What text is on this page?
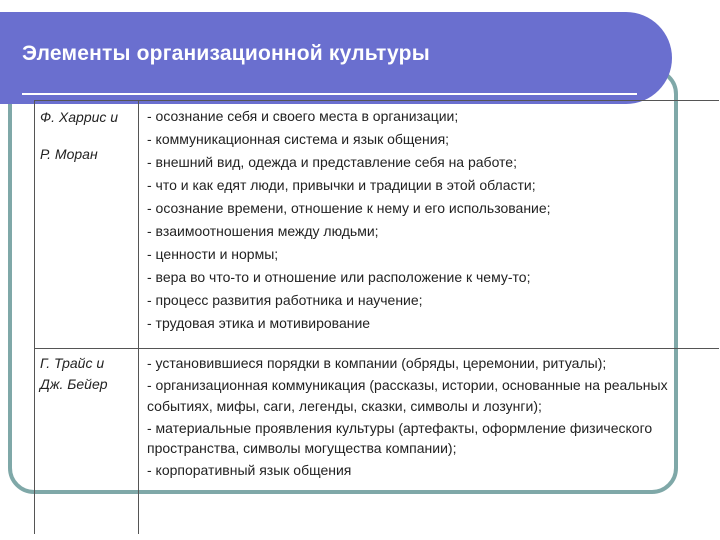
Элементы организационной культуры
Ф. Харрис и
Р. Моран
- осознание себя и своего места в организации;
- коммуникационная система и язык общения;
- внешний вид, одежда и представление себя на работе;
- что и как едят люди, привычки и традиции в этой области;
- осознание времени, отношение к нему и его использование;
- взаимоотношения между людьми;
- ценности и нормы;
- вера во что-то и отношение или расположение к чему-то;
- процесс развития работника и научение;
- трудовая этика и мотивирование
Г. Трайс и
Дж. Бейер
- установившиеся порядки в компании (обряды, церемонии, ритуалы);
- организационная коммуникация (рассказы, истории, основанные на реальных событиях, мифы, саги, легенды, сказки, символы и лозунги);
- материальные проявления культуры (артефакты, оформление физического пространства, символы могущества компании);
- корпоративный язык общения
